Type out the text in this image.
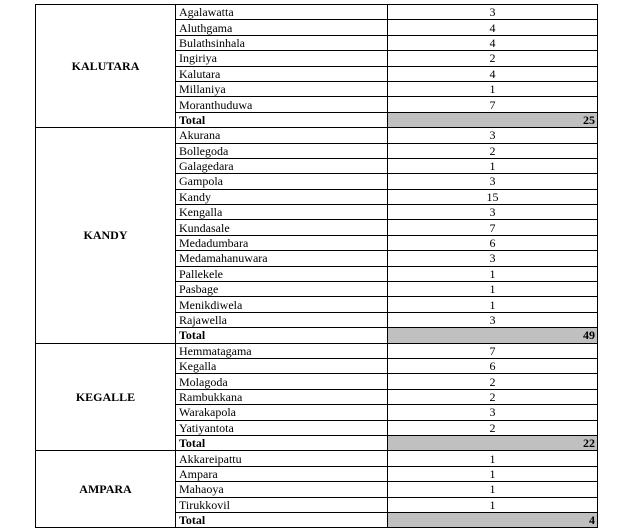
KALUTARA	Agalawatta	3
	Aluthgama	4
	Bulathsinhala	4
	Ingiriya	2
	Kalutara	4
	Millaniya	1
	Moranthuduwa	7
	Total	25
KANDY	Akurana	3
	Bollegoda	2
	Galagedara	1
	Gampola	3
	Kandy	15
	Kengalla	3
	Kundasale	7
	Medadumbara	6
	Medamahanuwara	3
	Pallekele	1
	Pasbage	1
	Menikdiwela	1
	Rajawella	3
	Total	49
KEGALLE	Hemmatagama	7
	Kegalla	6
	Molagoda	2
	Rambukkana	2
	Warakapola	3
	Yatiyantota	2
	Total	22
AMPARA	Akkareipattu	1
	Ampara	1
	Mahaoya	1
	Tirukkovil	1
	Total	4
